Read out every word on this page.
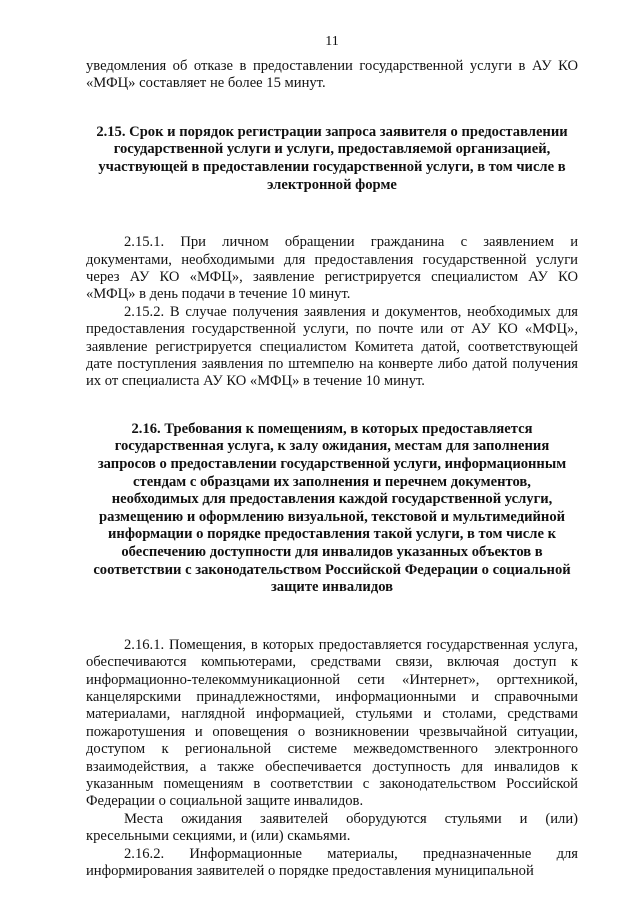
11

уведомления об отказе в предоставлении государственной услуги в АУ КО «МФЦ» составляет не более 15 минут.

2.15. Срок и порядок регистрации запроса заявителя о предоставлении государственной услуги и услуги, предоставляемой организацией, участвующей в предоставлении государственной услуги, в том числе в электронной форме

2.15.1. При личном обращении гражданина с заявлением и документами, необходимыми для предоставления государственной услуги через АУ КО «МФЦ», заявление регистрируется специалистом АУ КО «МФЦ» в день подачи в течение 10 минут.

2.15.2. В случае получения заявления и документов, необходимых для предоставления государственной услуги, по почте или от АУ КО «МФЦ», заявление регистрируется специалистом Комитета датой, соответствующей дате поступления заявления по штемпелю на конверте либо датой получения их от специалиста АУ КО «МФЦ» в течение 10 минут.

2.16. Требования к помещениям, в которых предоставляется государственная услуга, к залу ожидания, местам для заполнения запросов о предоставлении государственной услуги, информационным стендам с образцами их заполнения и перечнем документов, необходимых для предоставления каждой государственной услуги, размещению и оформлению визуальной, текстовой и мультимедийной информации о порядке предоставления такой услуги, в том числе к обеспечению доступности для инвалидов указанных объектов в соответствии с законодательством Российской Федерации о социальной защите инвалидов

2.16.1. Помещения, в которых предоставляется государственная услуга, обеспечиваются компьютерами, средствами связи, включая доступ к информационно-телекоммуникационной сети «Интернет», оргтехникой, канцелярскими принадлежностями, информационными и справочными материалами, наглядной информацией, стульями и столами, средствами пожаротушения и оповещения о возникновении чрезвычайной ситуации, доступом к региональной системе межведомственного электронного взаимодействия, а также обеспечивается доступность для инвалидов к указанным помещениям в соответствии с законодательством Российской Федерации о социальной защите инвалидов.

Места ожидания заявителей оборудуются стульями и (или) кресельными секциями, и (или) скамьями.

2.16.2. Информационные материалы, предназначенные для информирования заявителей о порядке предоставления муниципальной
